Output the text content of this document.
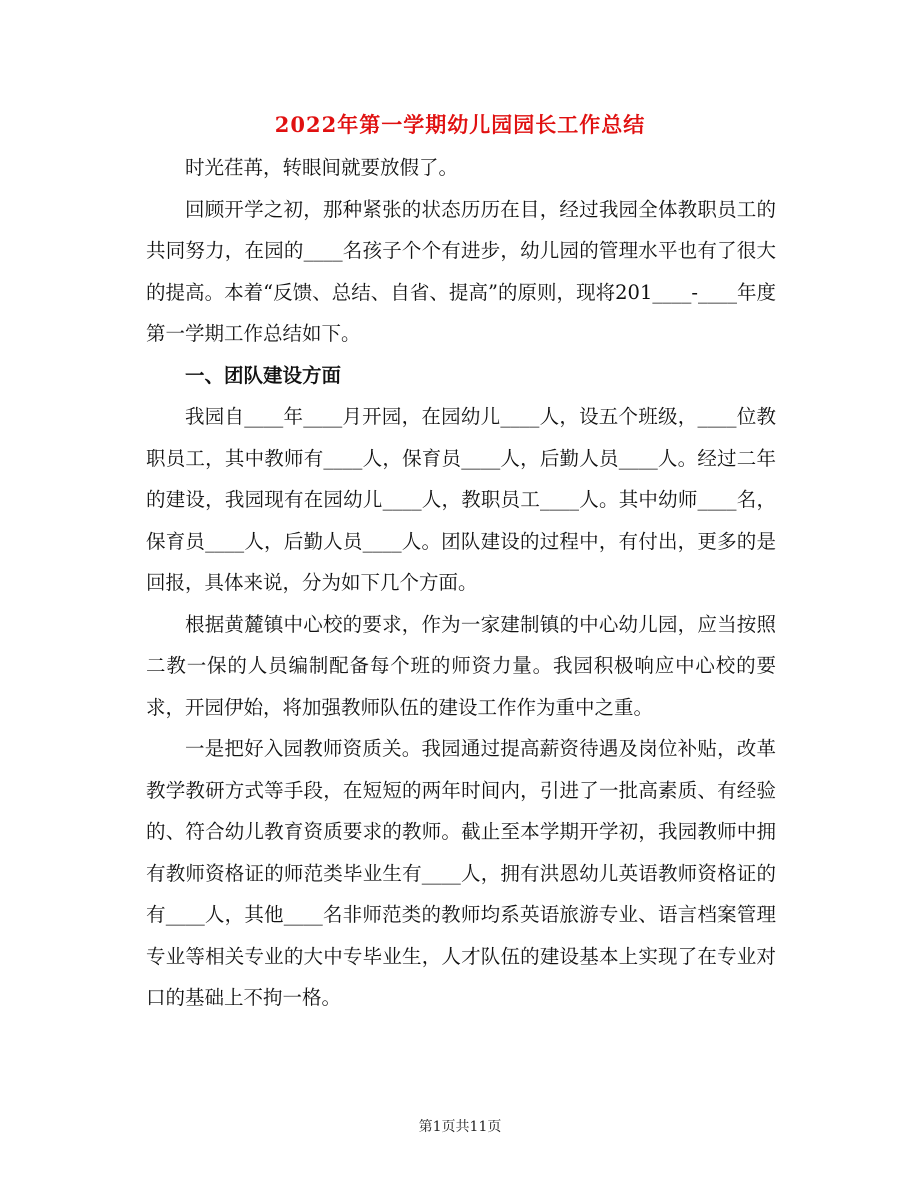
2022年第一学期幼儿园园长工作总结

时光荏苒，转眼间就要放假了。

回顾开学之初，那种紧张的状态历历在目，经过我园全体教职员工的共同努力，在园的____名孩子个个有进步，幼儿园的管理水平也有了很大的提高。本着“反馈、总结、自省、提高”的原则，现将201____-____年度第一学期工作总结如下。

一、团队建设方面

我园自____年____月开园，在园幼儿____人，设五个班级，____位教职员工，其中教师有____人，保育员____人，后勤人员____人。经过二年的建设，我园现有在园幼儿____人，教职员工____人。其中幼师____名，保育员____人，后勤人员____人。团队建设的过程中，有付出，更多的是回报，具体来说，分为如下几个方面。

根据黄麓镇中心校的要求，作为一家建制镇的中心幼儿园，应当按照二教一保的人员编制配备每个班的师资力量。我园积极响应中心校的要求，开园伊始，将加强教师队伍的建设工作作为重中之重。

一是把好入园教师资质关。我园通过提高薪资待遇及岗位补贴，改革教学教研方式等手段，在短短的两年时间内，引进了一批高素质、有经验的、符合幼儿教育资质要求的教师。截止至本学期开学初，我园教师中拥有教师资格证的师范类毕业生有____人，拥有洪恩幼儿英语教师资格证的有____人，其他____名非师范类的教师均系英语旅游专业、语言档案管理专业等相关专业的大中专毕业生，人才队伍的建设基本上实现了在专业对口的基础上不拘一格。

第1页共11页
